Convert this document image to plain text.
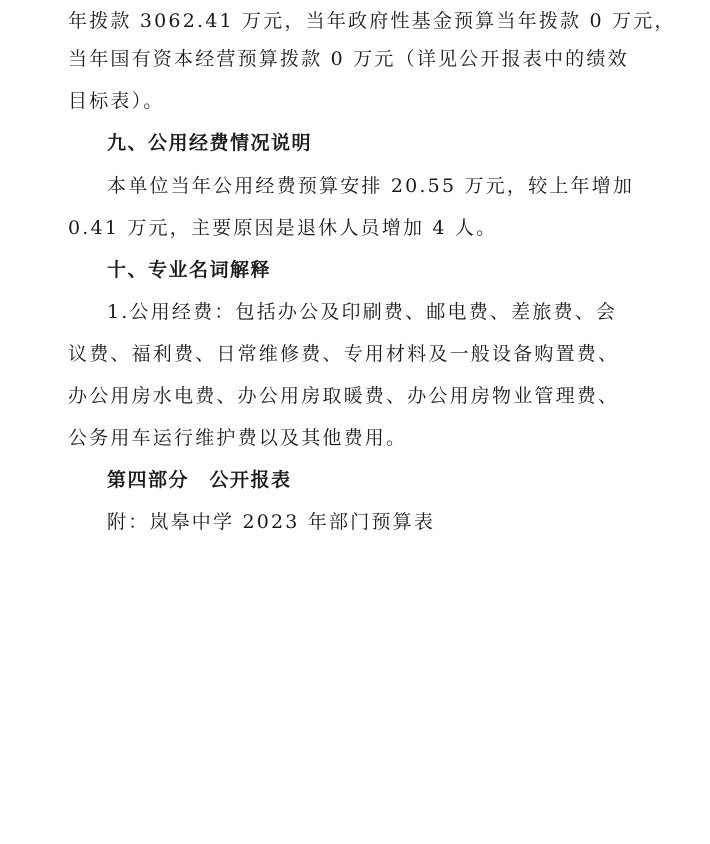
年拨款 3062.41 万元，当年政府性基金预算当年拨款 0 万元，
当年国有资本经营预算拨款 0 万元（详见公开报表中的绩效
目标表）。
九、公用经费情况说明
本单位当年公用经费预算安排 20.55 万元，较上年增加
0.41 万元，主要原因是退休人员增加 4 人。
十、专业名词解释
1.公用经费：包括办公及印刷费、邮电费、差旅费、会
议费、福利费、日常维修费、专用材料及一般设备购置费、
办公用房水电费、办公用房取暖费、办公用房物业管理费、
公务用车运行维护费以及其他费用。
第四部分　公开报表
附：岚皋中学 2023 年部门预算表
